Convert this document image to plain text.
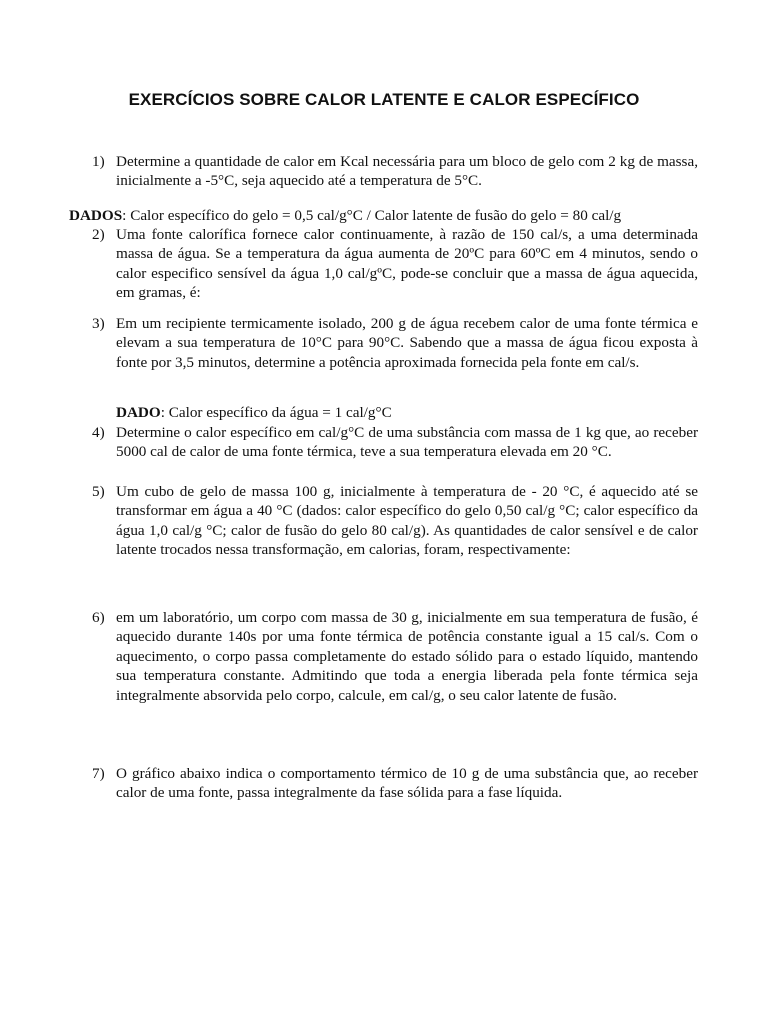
EXERCÍCIOS SOBRE CALOR LATENTE E CALOR ESPECÍFICO
1) Determine a quantidade de calor em Kcal necessária para um bloco de gelo com 2 kg de massa, inicialmente a -5°C, seja aquecido até a temperatura de 5°C.
DADOS: Calor específico do gelo = 0,5 cal/g°C / Calor latente de fusão do gelo = 80 cal/g
2) Uma fonte calorífica fornece calor continuamente, à razão de 150 cal/s, a uma determinada massa de água. Se a temperatura da água aumenta de 20ºC para 60ºC em 4 minutos, sendo o calor especifico sensível da água 1,0 cal/gºC, pode-se concluir que a massa de água aquecida, em gramas, é:
3) Em um recipiente termicamente isolado, 200 g de água recebem calor de uma fonte térmica e elevam a sua temperatura de 10°C para 90°C. Sabendo que a massa de água ficou exposta à fonte por 3,5 minutos, determine a potência aproximada fornecida pela fonte em cal/s.
DADO: Calor específico da água = 1 cal/g°C
4) Determine o calor específico em cal/g°C de uma substância com massa de 1 kg que, ao receber 5000 cal de calor de uma fonte térmica, teve a sua temperatura elevada em 20 °C.
5) Um cubo de gelo de massa 100 g, inicialmente à temperatura de - 20 °C, é aquecido até se transformar em água a 40 °C (dados: calor específico do gelo 0,50 cal/g °C; calor específico da água 1,0 cal/g °C; calor de fusão do gelo 80 cal/g). As quantidades de calor sensível e de calor latente trocados nessa transformação, em calorias, foram, respectivamente:
6) em um laboratório, um corpo com massa de 30 g, inicialmente em sua temperatura de fusão, é aquecido durante 140s por uma fonte térmica de potência constante igual a 15 cal/s. Com o aquecimento, o corpo passa completamente do estado sólido para o estado líquido, mantendo sua temperatura constante. Admitindo que toda a energia liberada pela fonte térmica seja integralmente absorvida pelo corpo, calcule, em cal/g, o seu calor latente de fusão.
7) O gráfico abaixo indica o comportamento térmico de 10 g de uma substância que, ao receber calor de uma fonte, passa integralmente da fase sólida para a fase líquida.
